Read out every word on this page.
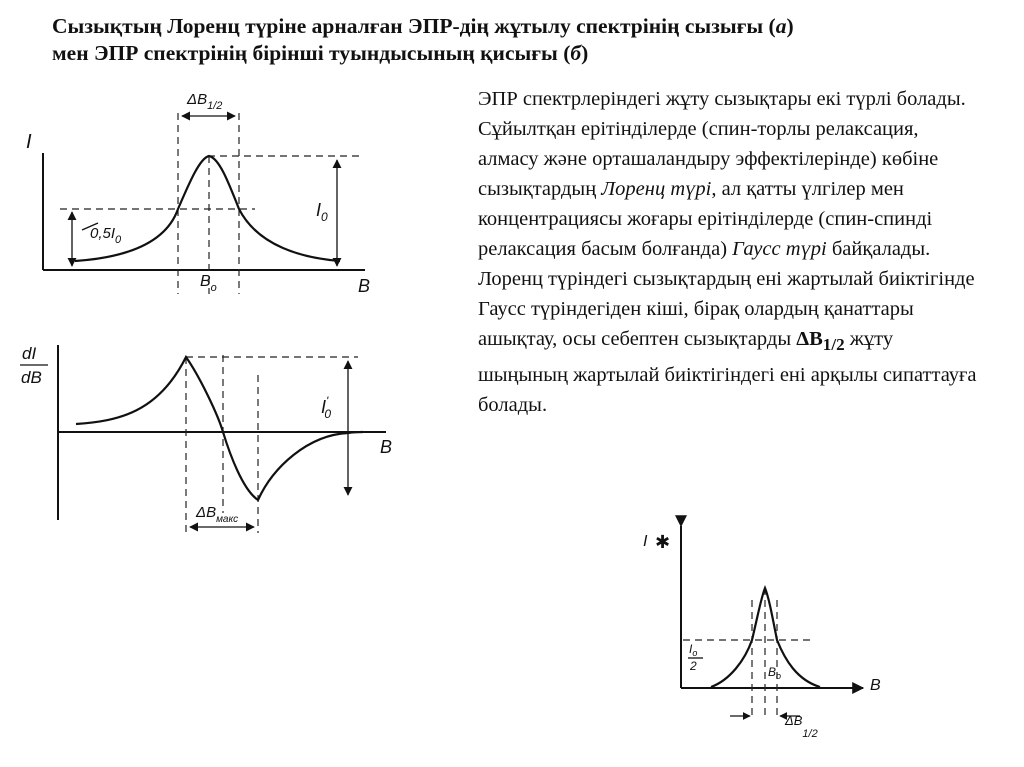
Сызықтың Лоренц түріне арналған ЭПР-дің жұтылу спектрінің сызығы (а)
мен ЭПР спектрінің бірінші туындысының қисығы (б)

ЭПР спектрлеріндегі жұту сызықтары екі түрлі болады. Сұйылтқан ерітінділерде (спин-торлы релаксация, алмасу және орташаландыру эффектілерінде) көбіне сызықтардың Лоренц түрі, ал қатты үлгілер мен концентрациясы жоғары ерітінділерде (спин-спинді релаксация басым болғанда) Гаусс түрі байқалады. Лоренц түріндегі сызықтардың ені жартылай биіктігінде Гаусс түріндегіден кіші, бірақ олардың қанаттары ашықтау, осы себептен сызықтарды $\Delta B_{1/2}$ жұту шыңының жартылай биіктігіндегі ені арқылы сипаттауға болады.

I
B
$\Delta B_{1/2}$
$I_0$
$0,5I_0$
$B_о$
dI
dB
B
I' 0
$\Delta B_{макс}$
I ✱
B
$I_о$
2	$B_о$
$\Delta B_{1/2}$
